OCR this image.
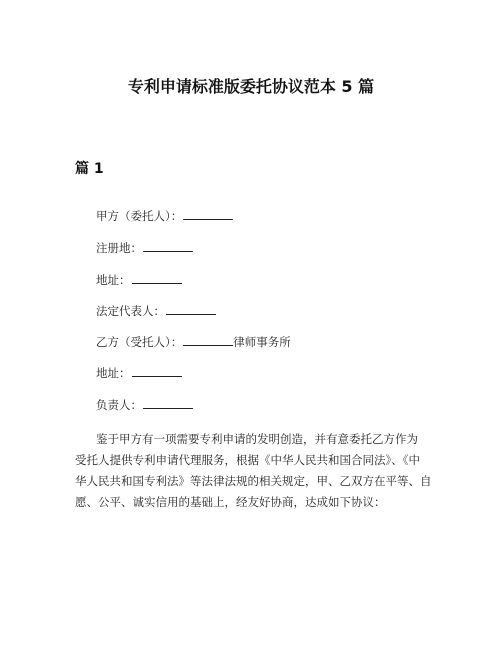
专利申请标准版委托协议范本 5 篇
篇 1

甲方（委托人）：

注册地：

地址：

法定代表人：

乙方（受托人）：	律师事务所

地址：

负责人：

鉴于甲方有一项需要专利申请的发明创造，并有意委托乙方作为
受托人提供专利申请代理服务，根据《中华人民共和国合同法》、《中
华人民共和国专利法》等法律法规的相关规定，甲、乙双方在平等、自
愿、公平、诚实信用的基础上，经友好协商，达成如下协议：
